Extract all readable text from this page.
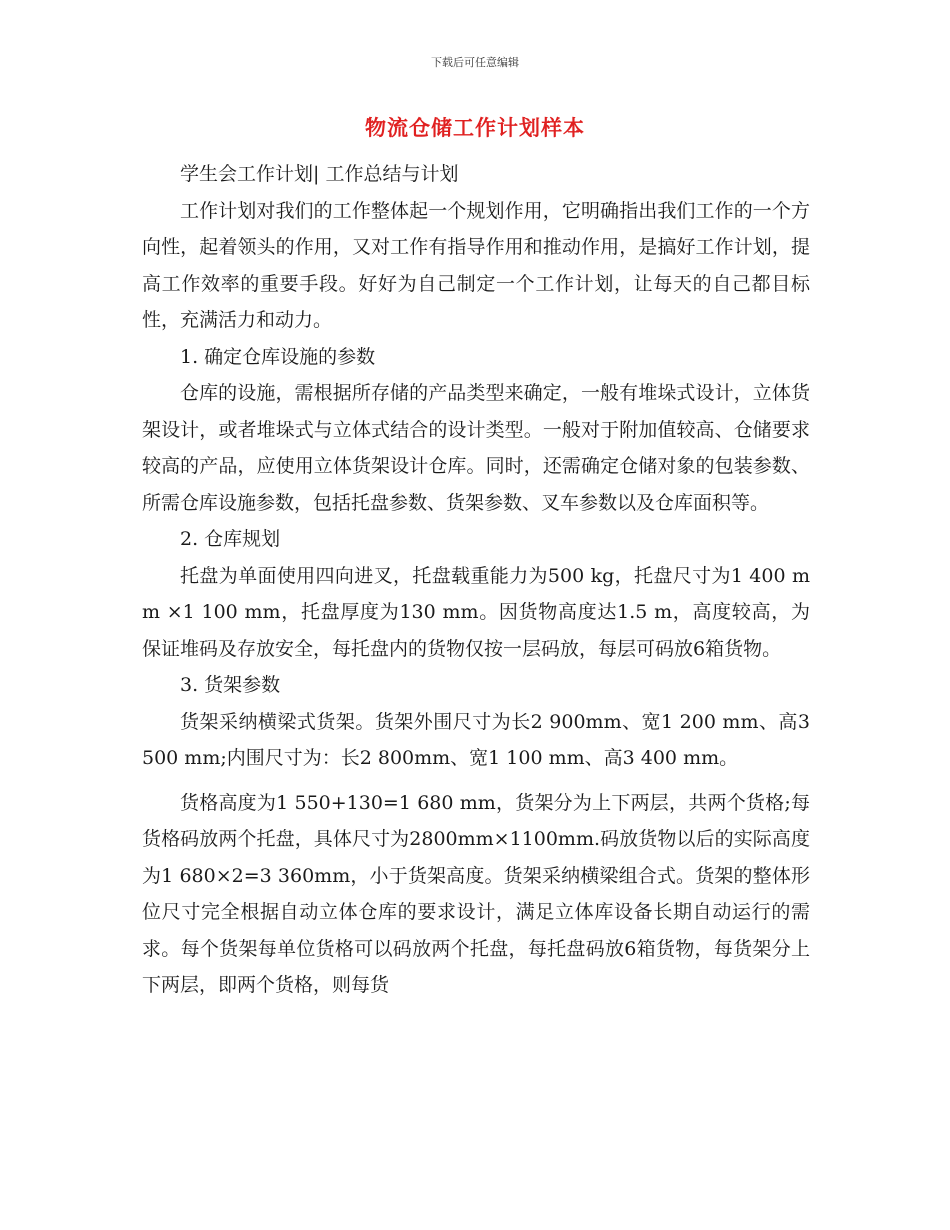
下载后可任意编辑
物流仓储工作计划样本

学生会工作计划| 工作总结与计划

工作计划对我们的工作整体起一个规划作用，它明确指出我们工作的一个方向性，起着领头的作用，又对工作有指导作用和推动作用，是搞好工作计划，提高工作效率的重要手段。好好为自己制定一个工作计划，让每天的自己都目标性，充满活力和动力。

1. 确定仓库设施的参数

仓库的设施，需根据所存储的产品类型来确定，一般有堆垛式设计，立体货架设计，或者堆垛式与立体式结合的设计类型。一般对于附加值较高、仓储要求较高的产品，应使用立体货架设计仓库。同时，还需确定仓储对象的包装参数、所需仓库设施参数，包括托盘参数、货架参数、叉车参数以及仓库面积等。

2. 仓库规划

托盘为单面使用四向进叉，托盘载重能力为500 kg，托盘尺寸为1 400 mm ×1 100 mm，托盘厚度为130 mm。因货物高度达1.5 m，高度较高，为保证堆码及存放安全，每托盘内的货物仅按一层码放，每层可码放6箱货物。

3. 货架参数

货架采纳横梁式货架。货架外围尺寸为长2 900mm、宽1 200 mm、高3 500 mm;内围尺寸为：长2 800mm、宽1 100 mm、高3 400 mm。

货格高度为1 550+130=1 680 mm，货架分为上下两层，共两个货格;每货格码放两个托盘，具体尺寸为2800mm×1100mm.码放货物以后的实际高度为1 680×2=3 360mm，小于货架高度。货架采纳横梁组合式。货架的整体形位尺寸完全根据自动立体仓库的要求设计，满足立体库设备长期自动运行的需求。每个货架每单位货格可以码放两个托盘，每托盘码放6箱货物，每货架分上下两层，即两个货格，则每货
